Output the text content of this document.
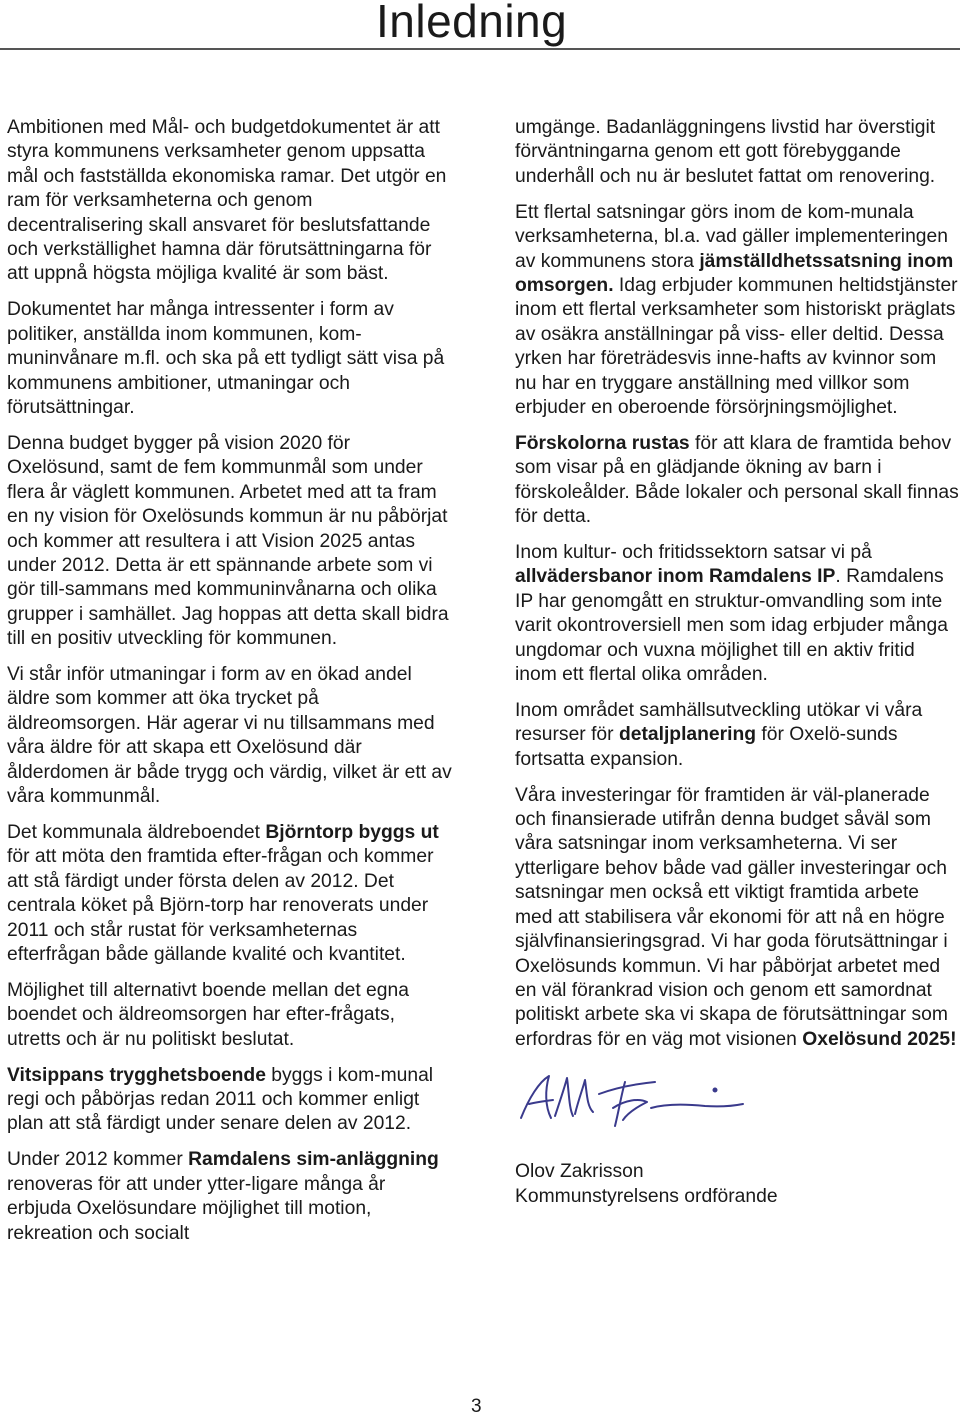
Inledning

Ambitionen med Mål- och budgetdokumentet är att styra kommunens verksamheter genom uppsatta mål och fastställda ekonomiska ramar. Det utgör en ram för verksamheterna och genom decentralisering skall ansvaret för beslutsfattande och verkställighet hamna där förutsättningarna för att uppnå högsta möjliga kvalité är som bäst.

Dokumentet har många intressenter i form av politiker, anställda inom kommunen, kom-muninvånare m.fl. och ska på ett tydligt sätt visa på kommunens ambitioner, utmaningar och förutsättningar.

Denna budget bygger på vision 2020 för Oxelösund, samt de fem kommunmål som under flera år väglett kommunen. Arbetet med att ta fram en ny vision för Oxelösunds kommun är nu påbörjat och kommer att resultera i att Vision 2025 antas under 2012. Detta är ett spännande arbete som vi gör till-sammans med kommuninvånarna och olika grupper i samhället. Jag hoppas att detta skall bidra till en positiv utveckling för kommunen.

Vi står inför utmaningar i form av en ökad andel äldre som kommer att öka trycket på äldreomsorgen. Här agerar vi nu tillsammans med våra äldre för att skapa ett Oxelösund där ålderdomen är både trygg och värdig, vilket är ett av våra kommunmål.

Det kommunala äldreboendet Björntorp byggs ut för att möta den framtida efter-frågan och kommer att stå färdigt under första delen av 2012. Det centrala köket på Björn-torp har renoverats under 2011 och står rustat för verksamheternas efterfrågan både gällande kvalité och kvantitet.

Möjlighet till alternativt boende mellan det egna boendet och äldreomsorgen har efter-frågats, utretts och är nu politiskt beslutat.

Vitsippans trygghetsboende byggs i kom-munal regi och påbörjas redan 2011 och kommer enligt plan att stå färdigt under senare delen av 2012.

Under 2012 kommer Ramdalens sim-anläggning renoveras för att under ytter-ligare många år erbjuda Oxelösundare möjlighet till motion, rekreation och socialt

umgänge. Badanläggningens livstid har överstigit förväntningarna genom ett gott förebyggande underhåll och nu är beslutet fattat om renovering.

Ett flertal satsningar görs inom de kom-munala verksamheterna, bl.a. vad gäller implementeringen av kommunens stora jämställdhetssatsning inom omsorgen. Idag erbjuder kommunen heltidstjänster inom ett flertal verksamheter som historiskt präglats av osäkra anställningar på viss- eller deltid. Dessa yrken har företrädesvis inne-hafts av kvinnor som nu har en tryggare anställning med villkor som erbjuder en oberoende försörjningsmöjlighet.

Förskolorna rustas för att klara de framtida behov som visar på en glädjande ökning av barn i förskoleålder. Både lokaler och personal skall finnas för detta.

Inom kultur- och fritidssektorn satsar vi på allvädersbanor inom Ramdalens IP. Ramdalens IP har genomgått en struktur-omvandling som inte varit okontroversiell men som idag erbjuder många ungdomar och vuxna möjlighet till en aktiv fritid inom ett flertal olika områden.

Inom området samhällsutveckling utökar vi våra resurser för detaljplanering för Oxelö-sunds fortsatta expansion.

Våra investeringar för framtiden är väl-planerade och finansierade utifrån denna budget såväl som våra satsningar inom verksamheterna. Vi ser ytterligare behov både vad gäller investeringar och satsningar men också ett viktigt framtida arbete med att stabilisera vår ekonomi för att nå en högre självfinansieringsgrad. Vi har goda förutsättningar i Oxelösunds kommun. Vi har påbörjat arbetet med en väl förankrad vision och genom ett samordnat politiskt arbete ska vi skapa de förutsättningar som erfordras för en väg mot visionen Oxelösund 2025!

Olov Zakrisson
Kommunstyrelsens ordförande

3
